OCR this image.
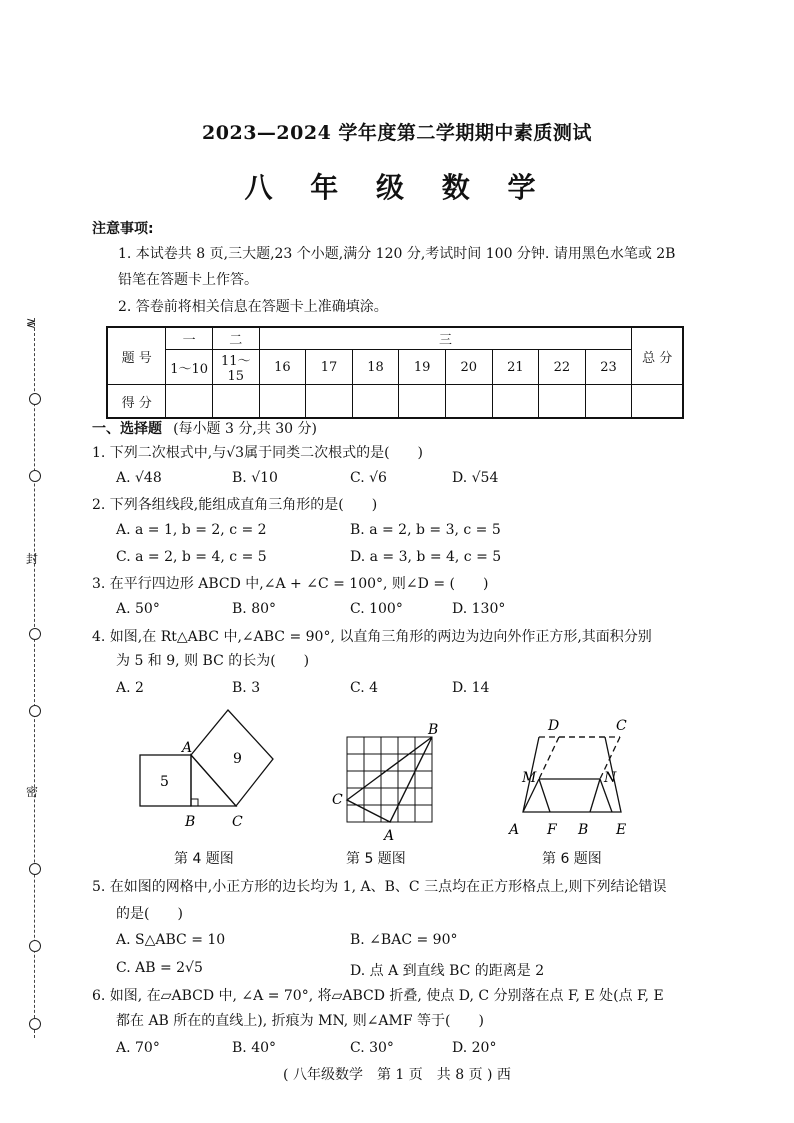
≷
封
密
2023—2024 学年度第二学期期中素质测试
八 年 级 数 学
注意事项:
1. 本试卷共 8 页,三大题,23 个小题,满分 120 分,考试时间 100 分钟. 请用黑色水笔或 2B
铅笔在答题卡上作答。
2. 答卷前将相关信息在答题卡上准确填涂。
题 号	一	二	三								总 分
	1～10	11～15	16	17	18	19	20	21	22	23	
得 分											
一、选择题 (每小题 3 分,共 30 分)
1. 下列二次根式中,与√3属于同类二次根式的是(　　)
A. √48	B. √10	C. √6	D. √54
2. 下列各组线段,能组成直角三角形的是(　　)
A. a = 1, b = 2, c = 2	B. a = 2, b = 3, c = 5
C. a = 2, b = 4, c = 5	D. a = 3, b = 4, c = 5
3. 在平行四边形 ABCD 中,∠A + ∠C = 100°, 则∠D = (　　)
A. 50°	B. 80°	C. 100°	D. 130°
4. 如图,在 Rt△ABC 中,∠ABC = 90°, 以直角三角形的两边为边向外作正方形,其面积分别
为 5 和 9, 则 BC 的长为(　　)
A. 2	B. 3	C. 4	D. 14
5
9
A
B	C
第 4 题图
B
C
A
第 5 题图
D	C
M	N
A F B E
第 6 题图
5. 在如图的网格中,小正方形的边长均为 1, A、B、C 三点均在正方形格点上,则下列结论错误
的是(　　)
A. S△ABC = 10	B. ∠BAC = 90°
C. AB = 2√5	D. 点 A 到直线 BC 的距离是 2
6. 如图, 在▱ABCD 中, ∠A = 70°, 将▱ABCD 折叠, 使点 D, C 分别落在点 F, E 处(点 F, E
都在 AB 所在的直线上), 折痕为 MN, 则∠AMF 等于(　　)
A. 70°	B. 40°	C. 30°	D. 20°
( 八年级数学　第 1 页　共 8 页 ) 西
